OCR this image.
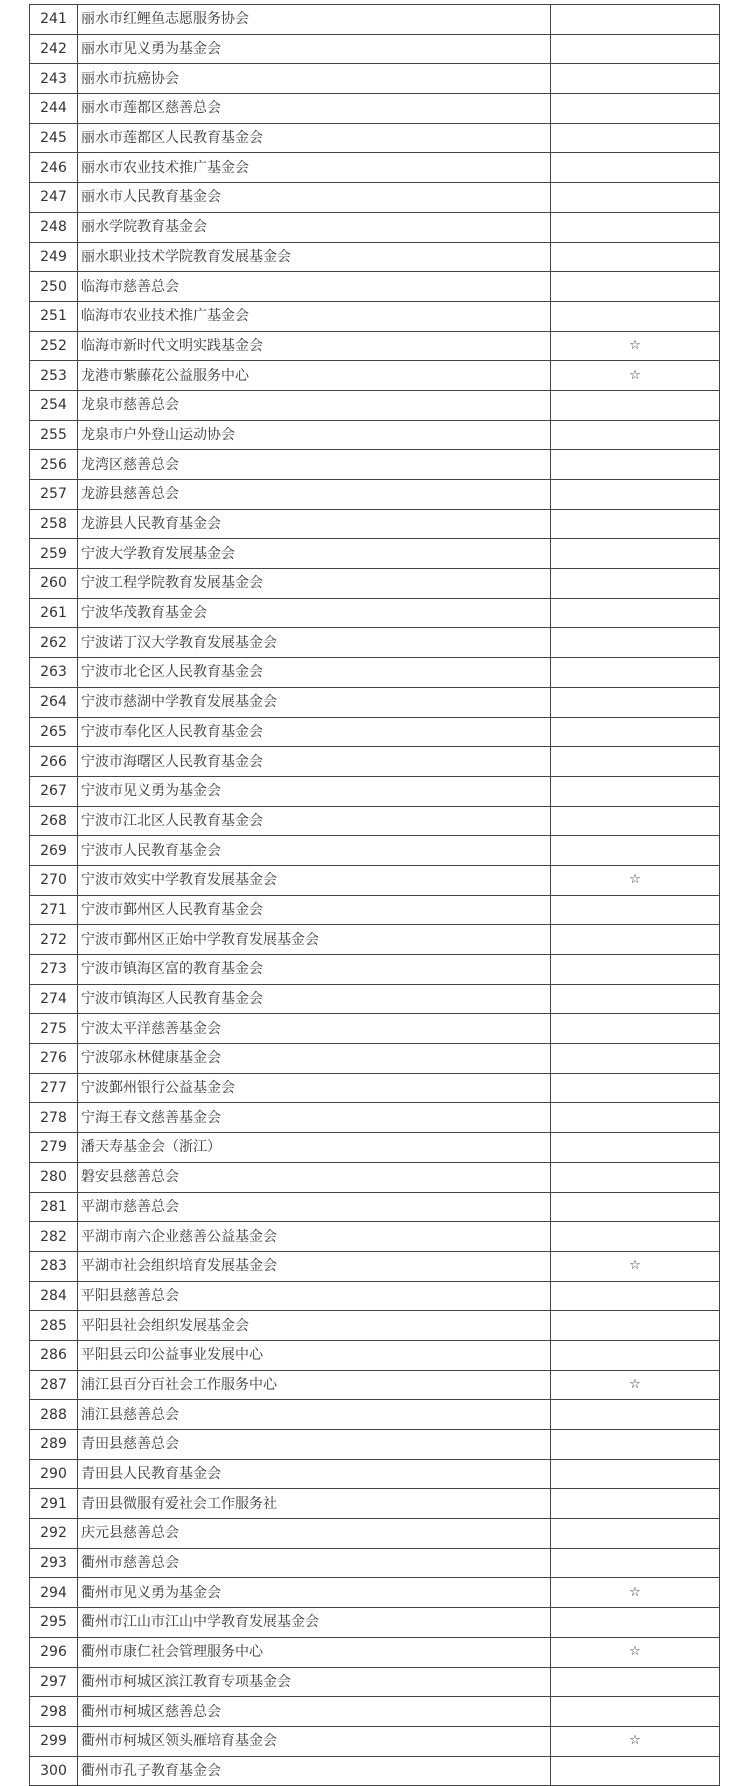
241	丽水市红鲤鱼志愿服务协会	
242	丽水市见义勇为基金会	
243	丽水市抗癌协会	
244	丽水市莲都区慈善总会	
245	丽水市莲都区人民教育基金会	
246	丽水市农业技术推广基金会	
247	丽水市人民教育基金会	
248	丽水学院教育基金会	
249	丽水职业技术学院教育发展基金会	
250	临海市慈善总会	
251	临海市农业技术推广基金会	
252	临海市新时代文明实践基金会	☆
253	龙港市紫藤花公益服务中心	☆
254	龙泉市慈善总会	
255	龙泉市户外登山运动协会	
256	龙湾区慈善总会	
257	龙游县慈善总会	
258	龙游县人民教育基金会	
259	宁波大学教育发展基金会	
260	宁波工程学院教育发展基金会	
261	宁波华茂教育基金会	
262	宁波诺丁汉大学教育发展基金会	
263	宁波市北仑区人民教育基金会	
264	宁波市慈湖中学教育发展基金会	
265	宁波市奉化区人民教育基金会	
266	宁波市海曙区人民教育基金会	
267	宁波市见义勇为基金会	
268	宁波市江北区人民教育基金会	
269	宁波市人民教育基金会	
270	宁波市效实中学教育发展基金会	☆
271	宁波市鄞州区人民教育基金会	
272	宁波市鄞州区正始中学教育发展基金会	
273	宁波市镇海区富的教育基金会	
274	宁波市镇海区人民教育基金会	
275	宁波太平洋慈善基金会	
276	宁波邬永林健康基金会	
277	宁波鄞州银行公益基金会	
278	宁海王春文慈善基金会	
279	潘天寿基金会（浙江）	
280	磐安县慈善总会	
281	平湖市慈善总会	
282	平湖市南六企业慈善公益基金会	
283	平湖市社会组织培育发展基金会	☆
284	平阳县慈善总会	
285	平阳县社会组织发展基金会	
286	平阳县云印公益事业发展中心	
287	浦江县百分百社会工作服务中心	☆
288	浦江县慈善总会	
289	青田县慈善总会	
290	青田县人民教育基金会	
291	青田县微服有爱社会工作服务社	
292	庆元县慈善总会	
293	衢州市慈善总会	
294	衢州市见义勇为基金会	☆
295	衢州市江山市江山中学教育发展基金会	
296	衢州市康仁社会管理服务中心	☆
297	衢州市柯城区滨江教育专项基金会	
298	衢州市柯城区慈善总会	
299	衢州市柯城区领头雁培育基金会	☆
300	衢州市孔子教育基金会	
